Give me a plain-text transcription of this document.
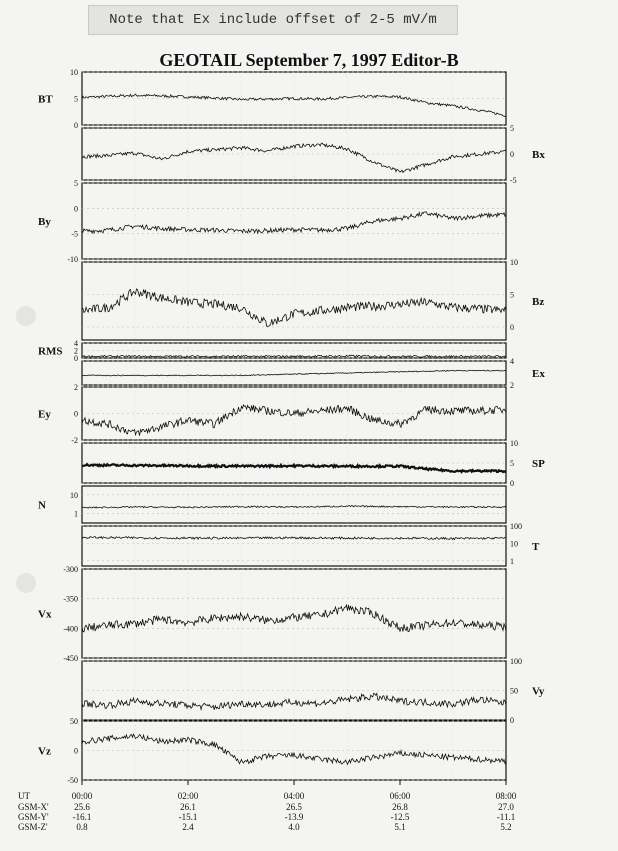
Note that Ex include offset of 2-5 mV/m
GEOTAIL September 7, 1997 Editor-B
10
5
0
BT
5
0
-5
Bx
5
0
-5
-10
By
10
5
0
Bz
4
2
0
RMS
4
2
Ex
2
0
-2
Ey
10
5
0
SP
10
1
N
100
10
1
T
-300
-350
-400
-450
Vx
100
50
0
Vy
50
0
-50
Vz
UT	00:00	02:00	04:00	06:00	08:00
GSM-X'	25.6	26.1	26.5	26.8	27.0
GSM-Y'	-16.1	-15.1	-13.9	-12.5	-11.1
GSM-Z'	0.8	2.4	4.0	5.1	5.2
